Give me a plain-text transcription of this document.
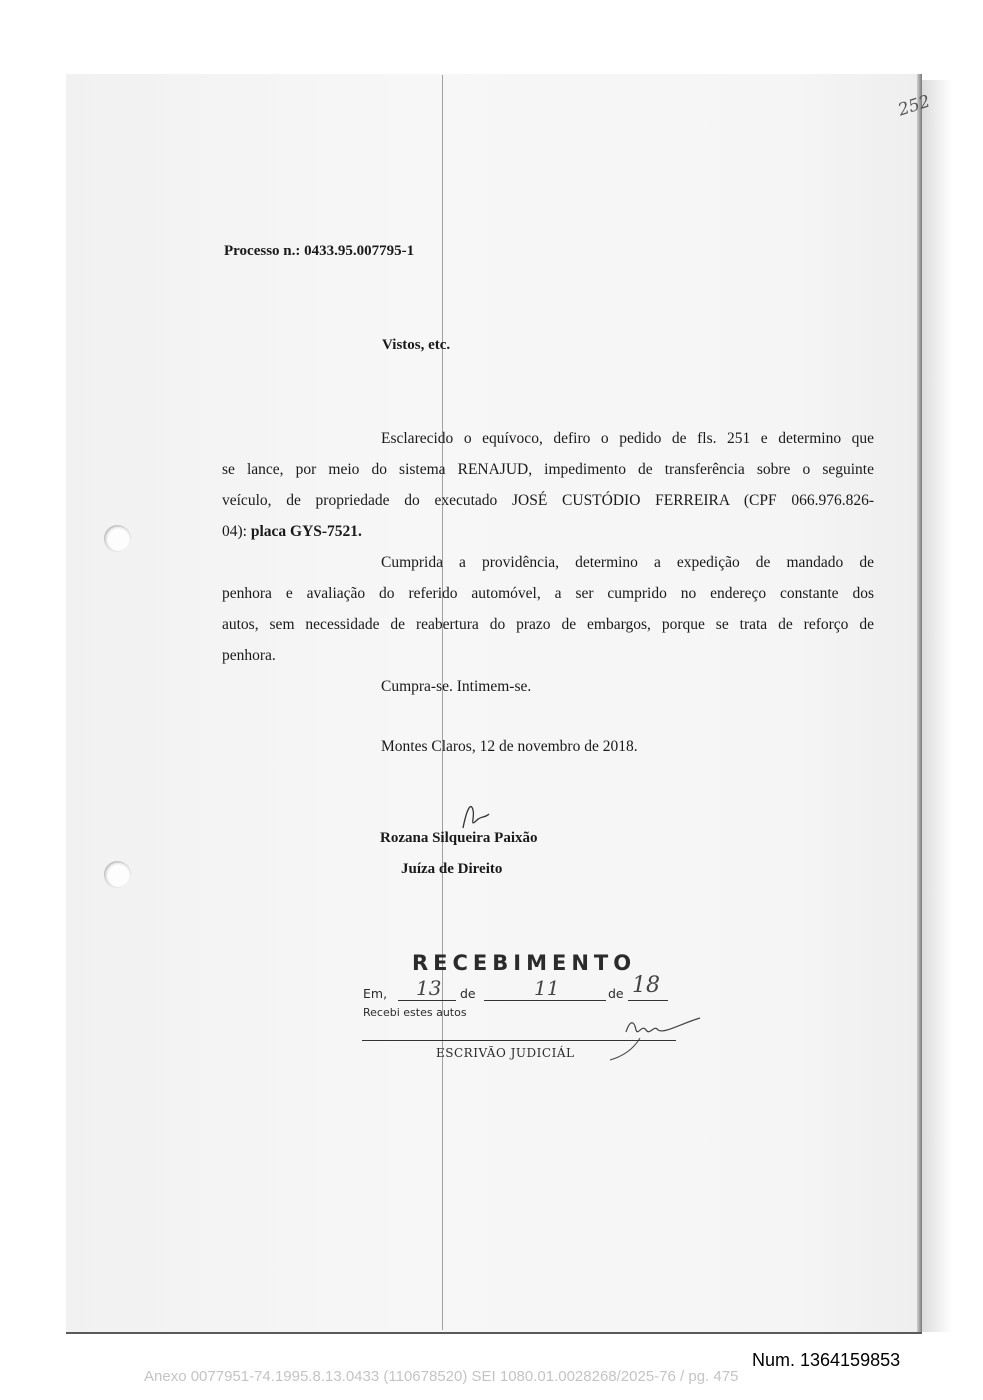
252
Processo n.: 0433.95.007795-1
Vistos, etc.
Esclarecido o equívoco, defiro o pedido de fls. 251 e determino que
se lance, por meio do sistema RENAJUD, impedimento de transferência sobre o seguinte
veículo, de propriedade do executado JOSÉ CUSTÓDIO FERREIRA (CPF 066.976.826-
04): placa GYS-7521.
Cumprida a providência, determino a expedição de mandado de
penhora e avaliação do referido automóvel, a ser cumprido no endereço constante dos
autos, sem necessidade de reabertura do prazo de embargos, porque se trata de reforço de
penhora.
Cumpra-se. Intimem-se.
Montes Claros, 12 de novembro de 2018.
Rozana Silqueira Paixão
Juíza de Direito
RECEBIMENTO
Em, 13 de	11	de 18
Recebi estes autos
ESCRIVÃO JUDICIÁL
Num. 1364159853
Anexo 0077951-74.1995.8.13.0433 (110678520) SEI 1080.01.0028268/2025-76 / pg. 475
